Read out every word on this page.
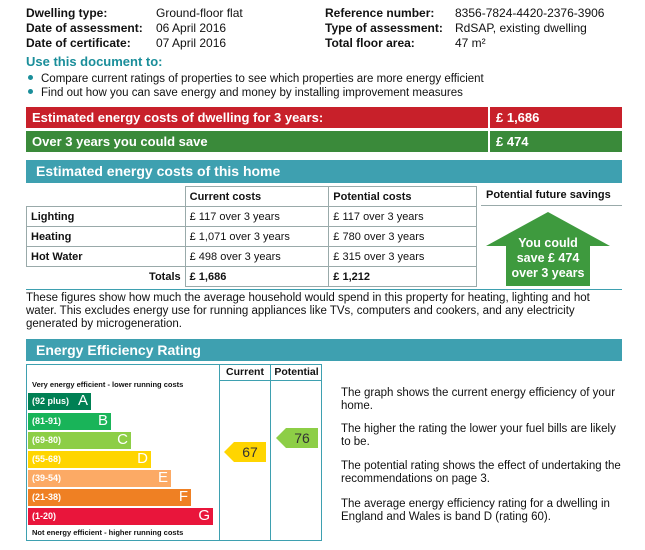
Dwelling type:	Ground-floor flat
Date of assessment: 06 April 2016
Date of certificate: 07 April 2016
Reference number: 8356-7824-4420-2376-3906
Type of assessment: RdSAP, existing dwelling
Total floor area:	47 m²
Use this document to:
Compare current ratings of properties to see which properties are more energy efficient
Find out how you can save energy and money by installing improvement measures
Estimated energy costs of dwelling for 3 years:	£ 1,686
Over 3 years you could save	£ 474
Estimated energy costs of this home
	Current costs	Potential costs
Lighting	£ 117 over 3 years	£ 117 over 3 years
Heating	£ 1,071 over 3 years	£ 780 over 3 years
Hot Water	£ 498 over 3 years	£ 315 over 3 years
Totals	£ 1,686	£ 1,212
Potential future savings
You could
save £ 474
over 3 years
These figures show how much the average household would spend in this property for heating, lighting and hot water. This excludes energy use for running appliances like TVs, computers and cookers, and any electricity generated by microgeneration.
Energy Efficiency Rating
Current Potential
Very energy efficient - lower running costs
(92 plus) A
(81-91) B
(69-80)	C
(55-68)	D
(39-54)	E
(21-38)	F
(1-20)	G
Not energy efficient - higher running costs
67
76
The graph shows the current energy efficiency of your home.
The higher the rating the lower your fuel bills are likely to be.
The potential rating shows the effect of undertaking the recommendations on page 3.
The average energy efficiency rating for a dwelling in England and Wales is band D (rating 60).
